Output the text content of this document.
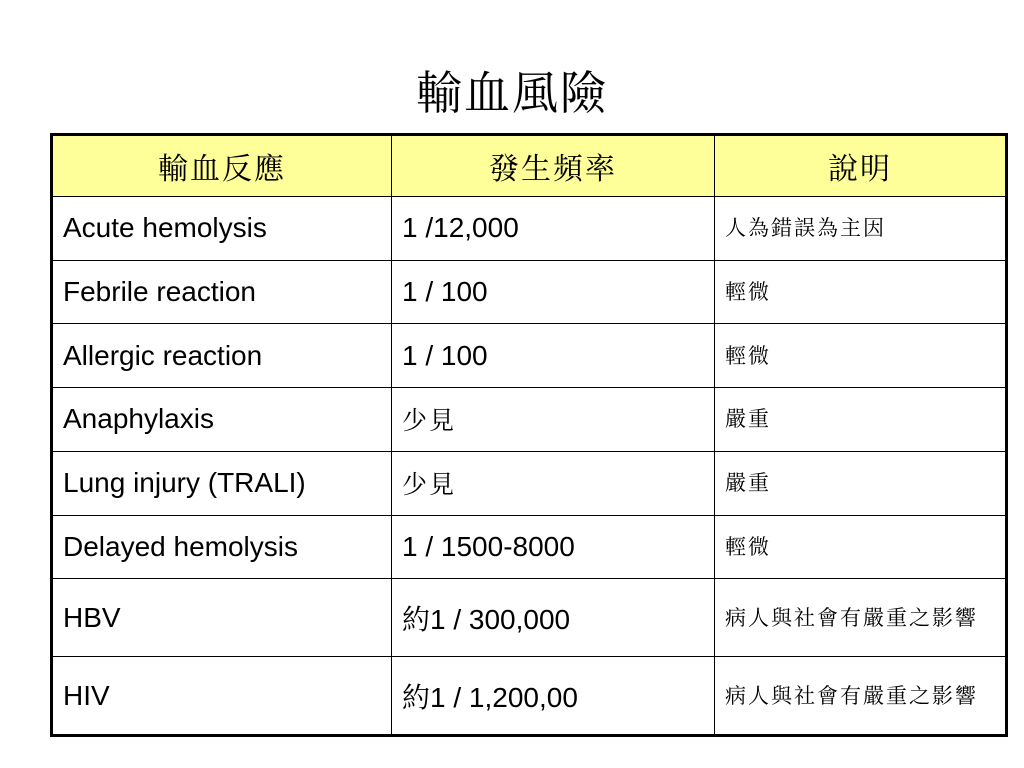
輸血風險
輸血反應	發生頻率	說明
Acute hemolysis	1 /12,000	人為錯誤為主因
Febrile reaction	1 / 100	輕微
Allergic reaction	1 / 100	輕微
Anaphylaxis	少見	嚴重
Lung injury (TRALI)	少見	嚴重
Delayed hemolysis	1 / 1500-8000	輕微
HBV	約1 / 300,000	病人與社會有嚴重之影響
HIV	約1 / 1,200,00	病人與社會有嚴重之影響
